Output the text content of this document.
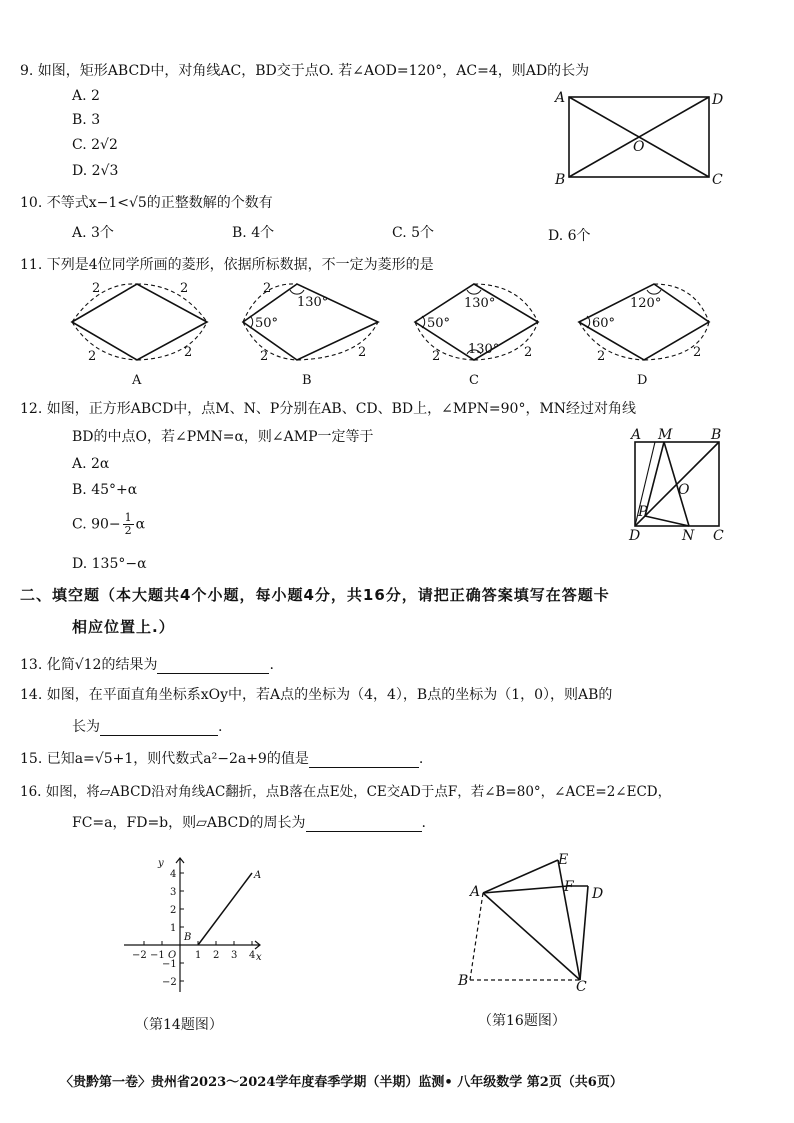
9. 如图，矩形ABCD中，对角线AC，BD交于点O. 若∠AOD=120°，AC=4，则AD的长为
A. 2
B. 3
C. 2√2
D. 2√3
A	D
B	C
O
10. 不等式x−1<√5的正整数解的个数有
A. 3个	B. 4个	C. 5个	D. 6个
11. 下列是4位同学所画的菱形，依据所标数据，不一定为菱形的是
2	2
2	2
A
2
130°
50°
2	2
B
130°
50°
130°
2	2
C
120°
60°
2	2
D
12. 如图，正方形ABCD中，点M、N、P分别在AB、CD、BD上，∠MPN=90°，MN经过对角线
BD的中点O，若∠PMN=α，则∠AMP一定等于
A. 2α
B. 45°+α
C. $90- \frac{1}{2}$ α
D. 135°−α
A M	B
O
P
D	N C
二、填空题（本大题共4个小题，每小题4分，共16分，请把正确答案填写在答题卡
相应位置上.）
13. 化简√12的结果为	.
14. 如图，在平面直角坐标系xOy中，若A点的坐标为（4，4），B点的坐标为（1，0），则AB的
长为	.
15. 已知a=√5+1，则代数式a²−2a+9的值是	.
16. 如图，将▱ABCD沿对角线AC翻折，点B落在点E处，CE交AD于点F，若∠B=80°，∠ACE=2∠ECD，
FC=a，FD=b，则▱ABCD的周长为	.
y
x
O
A
B
4
3
2
1
−1
−2
−2 −1	1 2 3 4
（第14题图）
A
E
F D
B	C
（第16题图）
〈贵黔第一卷〉贵州省2023～2024学年度春季学期（半期）监测• 八年级数学 第2页（共6页）
